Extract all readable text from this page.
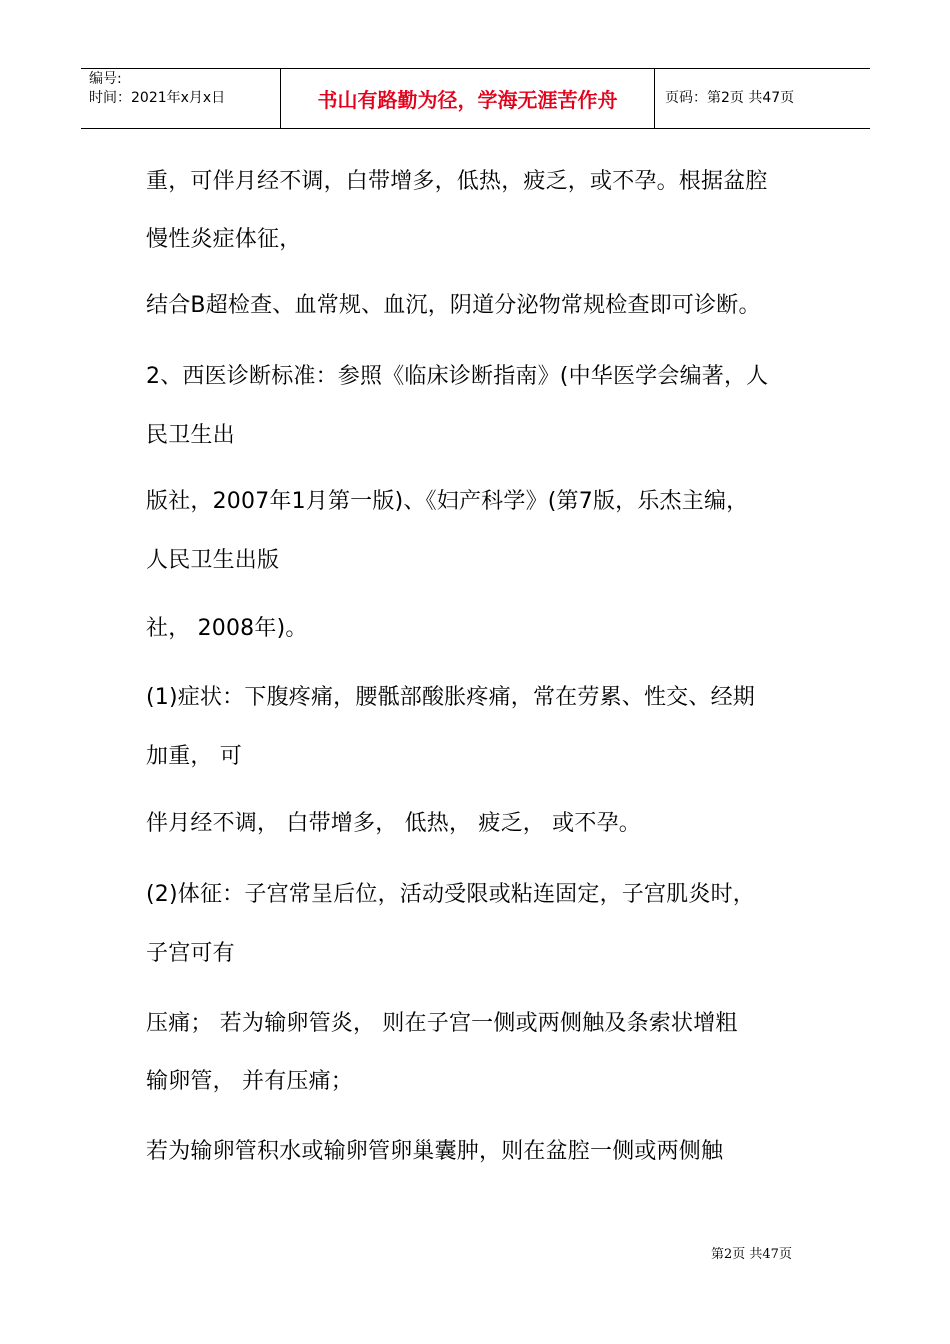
编号:
时间：2021年x月x日	书山有路勤为径，学海无涯苦作舟	页码：第2页 共47页
重，可伴月经不调，白带增多，低热，疲乏，或不孕。根据盆腔
慢性炎症体征，
结合B超检查、血常规、血沉，阴道分泌物常规检查即可诊断。
2、西医诊断标准：参照《临床诊断指南》(中华医学会编著，人
民卫生出
版社，2007年1月第一版)、《妇产科学》(第7版，乐杰主编，
人民卫生出版
社， 2008年)。
(1)症状：下腹疼痛，腰骶部酸胀疼痛，常在劳累、性交、经期
加重， 可
伴月经不调， 白带增多， 低热， 疲乏， 或不孕。
(2)体征：子宫常呈后位，活动受限或粘连固定，子宫肌炎时，
子宫可有
压痛； 若为输卵管炎， 则在子宫一侧或两侧触及条索状增粗
输卵管， 并有压痛；
若为输卵管积水或输卵管卵巢囊肿，则在盆腔一侧或两侧触
第2页 共47页
